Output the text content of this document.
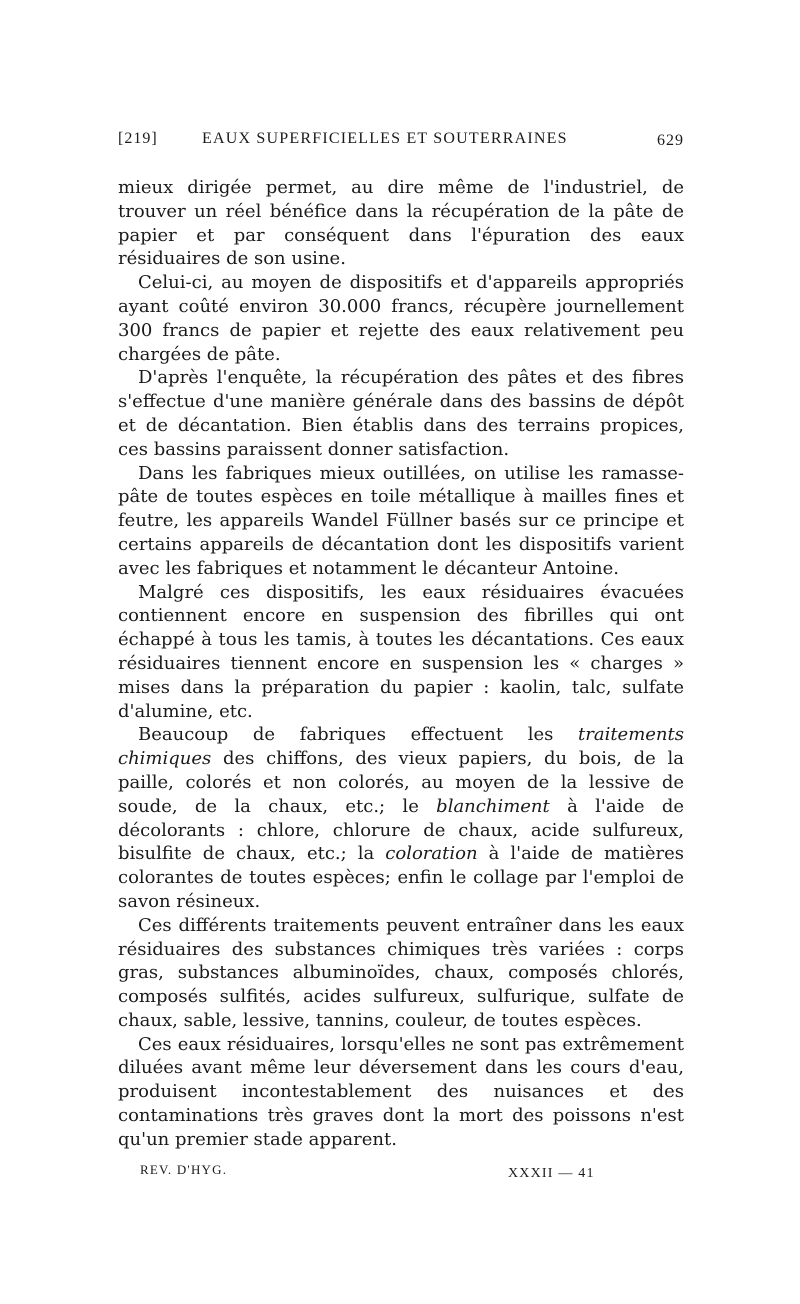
[219]	EAUX SUPERFICIELLES ET SOUTERRAINES	629

mieux dirigée permet, au dire même de l'industriel, de trouver un réel bénéfice dans la récupération de la pâte de papier et par conséquent dans l'épuration des eaux résiduaires de son usine.

Celui-ci, au moyen de dispositifs et d'appareils appropriés ayant coûté environ 30.000 francs, récupère journellement 300 francs de papier et rejette des eaux relativement peu chargées de pâte.

D'après l'enquête, la récupération des pâtes et des fibres s'effectue d'une manière générale dans des bassins de dépôt et de décantation. Bien établis dans des terrains propices, ces bassins paraissent donner satisfaction.

Dans les fabriques mieux outillées, on utilise les ramasse-pâte de toutes espèces en toile métallique à mailles fines et feutre, les appareils Wandel Füllner basés sur ce principe et certains appareils de décantation dont les dispositifs varient avec les fabriques et notamment le décanteur Antoine.

Malgré ces dispositifs, les eaux résiduaires évacuées contiennent encore en suspension des fibrilles qui ont échappé à tous les tamis, à toutes les décantations. Ces eaux résiduaires tiennent encore en suspension les « charges » mises dans la préparation du papier : kaolin, talc, sulfate d'alumine, etc.

Beaucoup de fabriques effectuent les traitements chimiques des chiffons, des vieux papiers, du bois, de la paille, colorés et non colorés, au moyen de la lessive de soude, de la chaux, etc.; le blanchiment à l'aide de décolorants : chlore, chlorure de chaux, acide sulfureux, bisulfite de chaux, etc.; la coloration à l'aide de matières colorantes de toutes espèces; enfin le collage par l'emploi de savon résineux.

Ces différents traitements peuvent entraîner dans les eaux résiduaires des substances chimiques très variées : corps gras, substances albuminoïdes, chaux, composés chlorés, composés sulfités, acides sulfureux, sulfurique, sulfate de chaux, sable, lessive, tannins, couleur, de toutes espèces.

Ces eaux résiduaires, lorsqu'elles ne sont pas extrêmement diluées avant même leur déversement dans les cours d'eau, produisent incontestablement des nuisances et des contaminations très graves dont la mort des poissons n'est qu'un premier stade apparent.

REV. D'HYG.	XXXII — 41
